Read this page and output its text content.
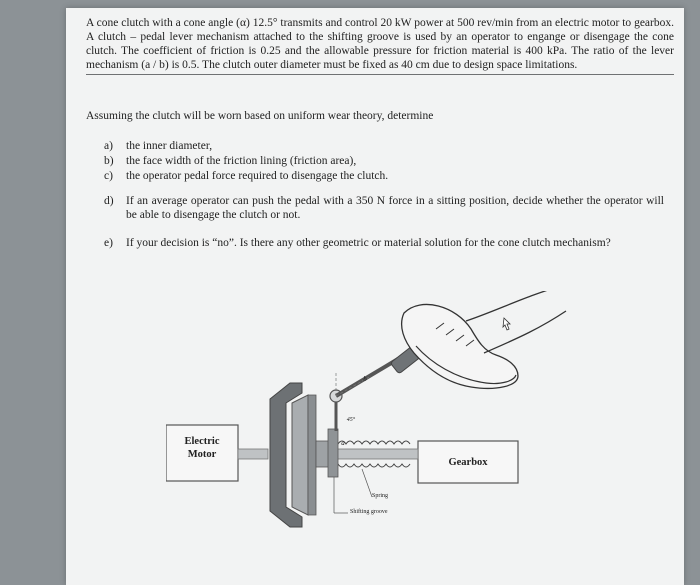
A cone clutch with a cone angle (α) 12.5° transmits and control 20 kW power at 500 rev/min from an electric motor to gearbox. A clutch – pedal lever mechanism attached to the shifting groove is used by an operator to engange or disengage the cone clutch. The coefficient of friction is 0.25 and the allowable pressure for friction material is 400 kPa. The ratio of the lever mechanism (a / b) is 0.5. The clutch outer diameter must be fixed as 40 cm due to design space limitations.
Assuming the clutch will be worn based on uniform wear theory, determine
a) the inner diameter,
b) the face width of the friction lining (friction area),
c) the operator pedal force required to disengage the clutch.
d) If an average operator can push the pedal with a 350 N force in a sitting position, decide whether the operator will be able to disengage the clutch or not.
e) If your decision is “no”. Is there any other geometric or material solution for the cone clutch mechanism?
Electric
Motor
Gearbox
Spring
Shifting groove
45°
a
b
